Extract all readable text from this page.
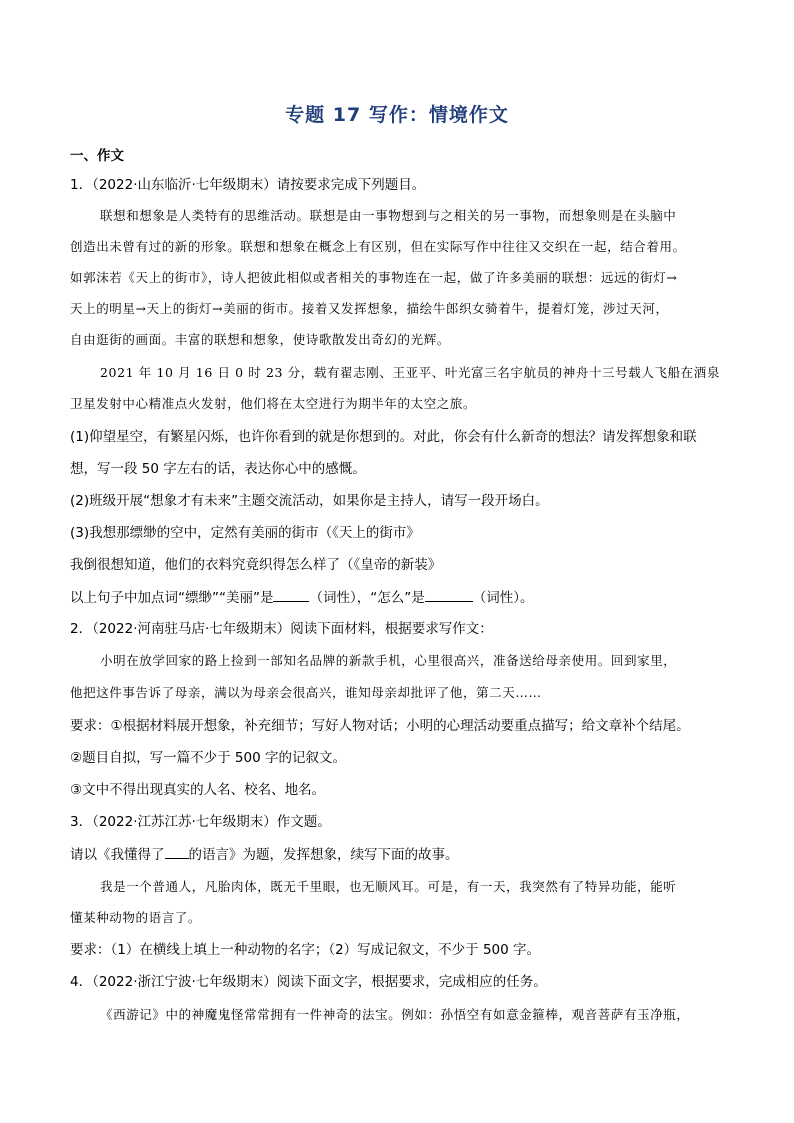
专题 17 写作：情境作文
一、作文
1．（2022·山东临沂·七年级期末）请按要求完成下列题目。
联想和想象是人类特有的思维活动。联想是由一事物想到与之相关的另一事物，而想象则是在头脑中
创造出未曾有过的新的形象。联想和想象在概念上有区别，但在实际写作中往往又交织在一起，结合着用。
如郭沫若《天上的街市》，诗人把彼此相似或者相关的事物连在一起，做了许多美丽的联想：远远的街灯→
天上的明星→天上的街灯→美丽的街市。接着又发挥想象，描绘牛郎织女骑着牛，提着灯笼，涉过天河，
自由逛街的画面。丰富的联想和想象，使诗歌散发出奇幻的光辉。
2021 年 10 月 16 日 0 时 23 分，载有翟志刚、王亚平、叶光富三名宇航员的神舟十三号载人飞船在酒泉
卫星发射中心精准点火发射，他们将在太空进行为期半年的太空之旅。
(1)仰望星空，有繁星闪烁，也许你看到的就是你想到的。对此，你会有什么新奇的想法？请发挥想象和联
想，写一段 50 字左右的话，表达你心中的感慨。
(2)班级开展“想象才有未来”主题交流活动，如果你是主持人，请写一段开场白。
(3)我想那缥缈的空中，定然有美丽的街市（《天上的街市》
我倒很想知道，他们的衣料究竟织得怎么样了（《皇帝的新装》
以上句子中加点词“缥缈”“美丽”是	（词性），“怎么”是	（词性）。
2．（2022·河南驻马店·七年级期末）阅读下面材料，根据要求写作文：
小明在放学回家的路上捡到一部知名品牌的新款手机，心里很高兴，准备送给母亲使用。回到家里，
他把这件事告诉了母亲，满以为母亲会很高兴，谁知母亲却批评了他，第二天……
要求：①根据材料展开想象，补充细节；写好人物对话；小明的心理活动要重点描写；给文章补个结尾。
②题目自拟，写一篇不少于 500 字的记叙文。
③文中不得出现真实的人名、校名、地名。
3．（2022·江苏江苏·七年级期末）作文题。
请以《我懂得了 的语言》为题，发挥想象，续写下面的故事。
我是一个普通人，凡胎肉体，既无千里眼，也无顺风耳。可是，有一天，我突然有了特异功能，能听
懂某种动物的语言了。
要求：（1）在横线上填上一种动物的名字；（2）写成记叙文，不少于 500 字。
4．（2022·浙江宁波·七年级期末）阅读下面文字，根据要求，完成相应的任务。
《西游记》中的神魔鬼怪常常拥有一件神奇的法宝。例如：孙悟空有如意金箍棒，观音菩萨有玉净瓶，
